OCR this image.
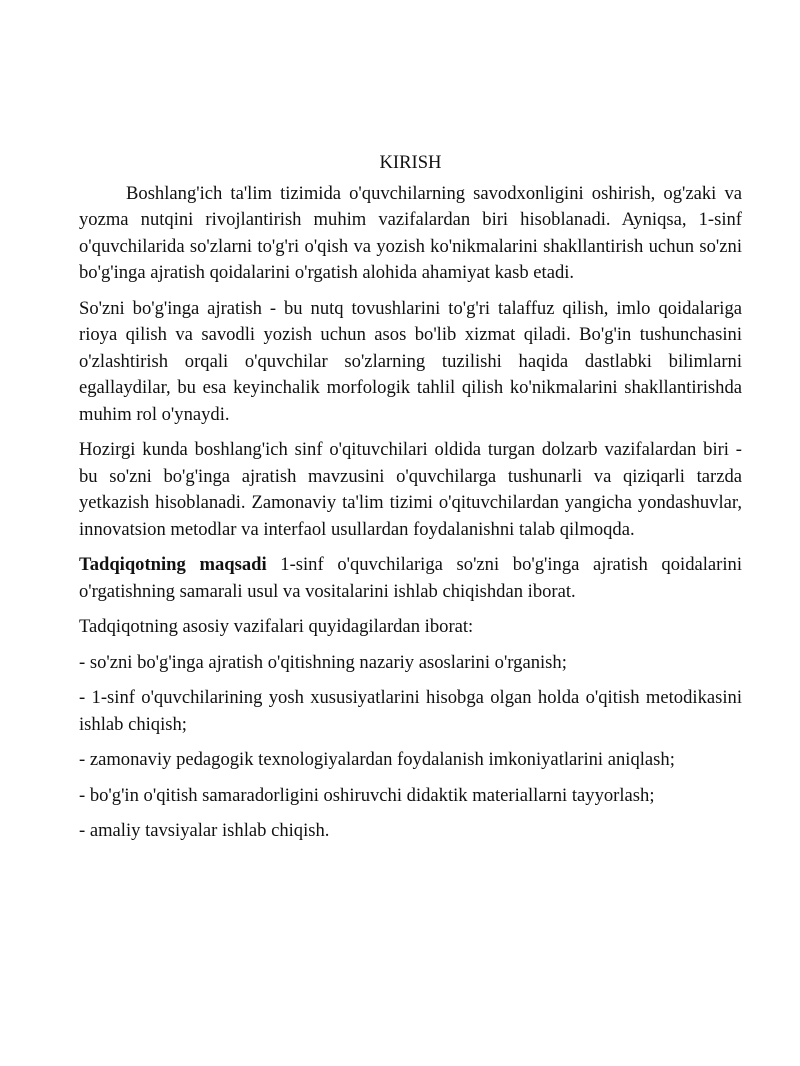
KIRISH

Boshlang'ich ta'lim tizimida o'quvchilarning savodxonligini oshirish, og'zaki va yozma nutqini rivojlantirish muhim vazifalardan biri hisoblanadi. Ayniqsa, 1-sinf o'quvchilarida so'zlarni to'g'ri o'qish va yozish ko'nikmalarini shakllantirish uchun so'zni bo'g'inga ajratish qoidalarini o'rgatish alohida ahamiyat kasb etadi.

So'zni bo'g'inga ajratish - bu nutq tovushlarini to'g'ri talaffuz qilish, imlo qoidalariga rioya qilish va savodli yozish uchun asos bo'lib xizmat qiladi. Bo'g'in tushunchasini o'zlashtirish orqali o'quvchilar so'zlarning tuzilishi haqida dastlabki bilimlarni egallaydilar, bu esa keyinchalik morfologik tahlil qilish ko'nikmalarini shakllantirishda muhim rol o'ynaydi.

Hozirgi kunda boshlang'ich sinf o'qituvchilari oldida turgan dolzarb vazifalardan biri - bu so'zni bo'g'inga ajratish mavzusini o'quvchilarga tushunarli va qiziqarli tarzda yetkazish hisoblanadi. Zamonaviy ta'lim tizimi o'qituvchilardan yangicha yondashuvlar, innovatsion metodlar va interfaol usullardan foydalanishni talab qilmoqda.

Tadqiqotning maqsadi 1-sinf o'quvchilariga so'zni bo'g'inga ajratish qoidalarini o'rgatishning samarali usul va vositalarini ishlab chiqishdan iborat.

Tadqiqotning asosiy vazifalari quyidagilardan iborat:

- so'zni bo'g'inga ajratish o'qitishning nazariy asoslarini o'rganish;

- 1-sinf o'quvchilarining yosh xususiyatlarini hisobga olgan holda o'qitish metodikasini ishlab chiqish;

- zamonaviy pedagogik texnologiyalardan foydalanish imkoniyatlarini aniqlash;

- bo'g'in o'qitish samaradorligini oshiruvchi didaktik materiallarni tayyorlash;

- amaliy tavsiyalar ishlab chiqish.
